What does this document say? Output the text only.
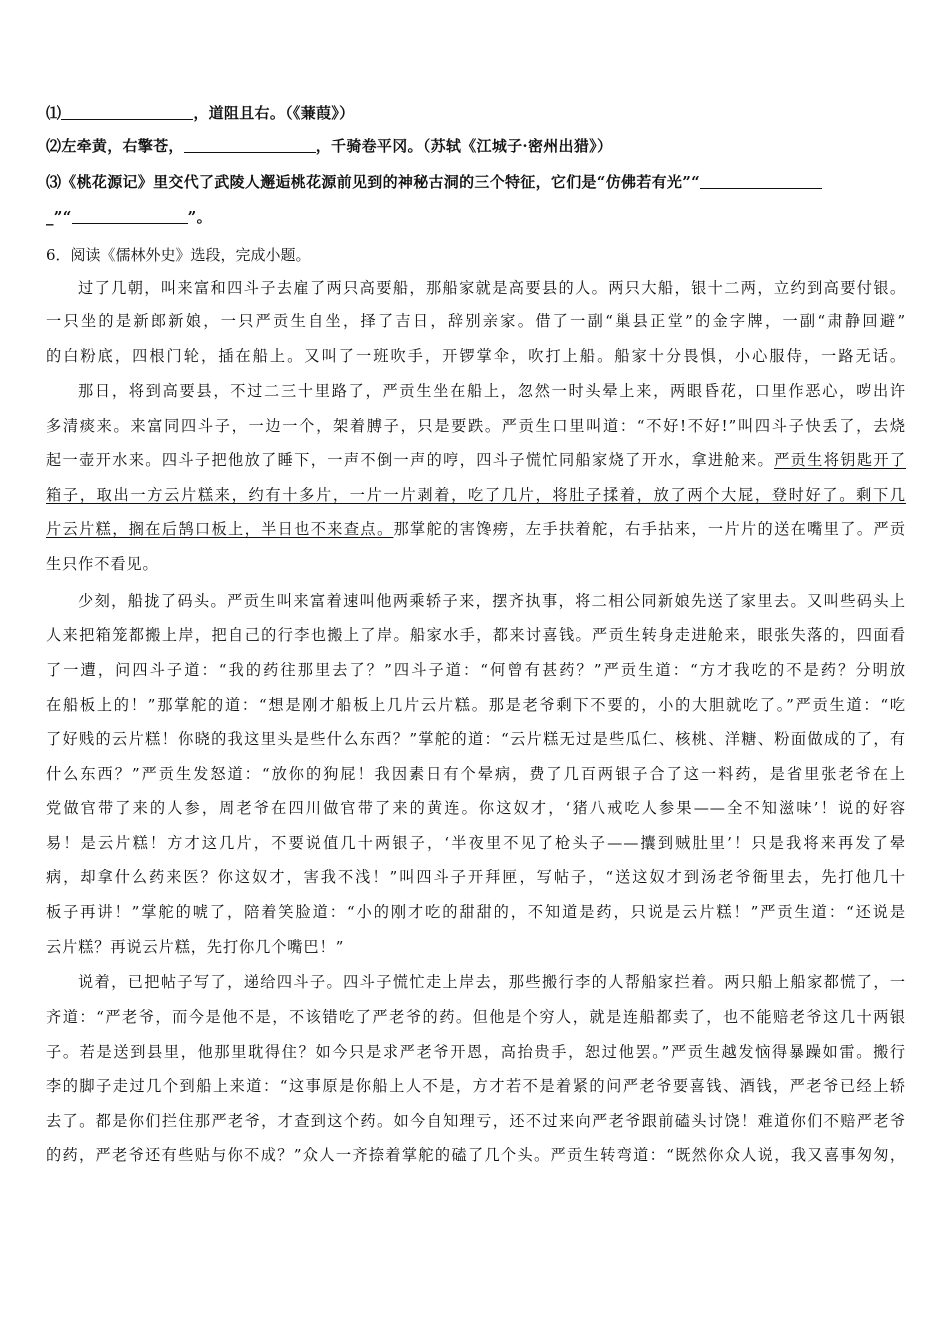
⑴	，道阻且右。（《蒹葭》）
⑵左牵黄，右擎苍，	，千骑卷平冈。（苏轼《江城子·密州出猎》）
⑶《桃花源记》里交代了武陵人邂逅桃花源前见到的神秘古洞的三个特征，它们是“仿佛若有光”“
_”“	”。
6．阅读《儒林外史》选段，完成小题。
过了几朝，叫来富和四斗子去雇了两只高要船，那船家就是高要县的人。两只大船，银十二两，立约到高要付银。
一只坐的是新郎新娘，一只严贡生自坐，择了吉日，辞别亲家。借了一副“巢县正堂”的金字牌，一副“肃静回避”
的白粉底，四根门轮，插在船上。又叫了一班吹手，开锣掌伞，吹打上船。船家十分畏惧，小心服侍，一路无话。
那日，将到高要县，不过二三十里路了，严贡生坐在船上，忽然一时头晕上来，两眼昏花，口里作恶心，哕出许
多清痰来。来富同四斗子，一边一个，架着膊子，只是要跌。严贡生口里叫道：“不好!不好!”叫四斗子快丢了，去烧
起一壶开水来。四斗子把他放了睡下，一声不倒一声的哼，四斗子慌忙同船家烧了开水，拿进舱来。严贡生将钥匙开了
箱子，取出一方云片糕来，约有十多片，一片一片剥着，吃了几片，将肚子揉着，放了两个大屁，登时好了。剩下几
片云片糕，搁在后鹄口板上，半日也不来查点。那掌舵的害馋痨，左手扶着舵，右手拈来，一片片的送在嘴里了。严贡
生只作不看见。
少刻，船拢了码头。严贡生叫来富着速叫他两乘轿子来，摆齐执事，将二相公同新娘先送了家里去。又叫些码头上
人来把箱笼都搬上岸，把自己的行李也搬上了岸。船家水手，都来讨喜钱。严贡生转身走进舱来，眼张失落的，四面看
了一遭，问四斗子道：“我的药往那里去了？”四斗子道：“何曾有甚药？”严贡生道：“方才我吃的不是药？分明放
在船板上的！”那掌舵的道：“想是刚才船板上几片云片糕。那是老爷剩下不要的，小的大胆就吃了。”严贡生道：“吃
了好贱的云片糕！你晓的我这里头是些什么东西？”掌舵的道：“云片糕无过是些瓜仁、核桃、洋糖、粉面做成的了，有
什么东西？”严贡生发怒道：“放你的狗屁！我因素日有个晕病，费了几百两银子合了这一料药，是省里张老爷在上
党做官带了来的人参，周老爷在四川做官带了来的黄连。你这奴才，‘猪八戒吃人参果——全不知滋味’！说的好容
易！是云片糕！方才这几片，不要说值几十两银子，‘半夜里不见了枪头子——攮到贼肚里’！只是我将来再发了晕
病，却拿什么药来医？你这奴才，害我不浅！”叫四斗子开拜匣，写帖子，“送这奴才到汤老爷衙里去，先打他几十
板子再讲！”掌舵的唬了，陪着笑脸道：“小的刚才吃的甜甜的，不知道是药，只说是云片糕！”严贡生道：“还说是
云片糕？再说云片糕，先打你几个嘴巴！”
说着，已把帖子写了，递给四斗子。四斗子慌忙走上岸去，那些搬行李的人帮船家拦着。两只船上船家都慌了，一
齐道：“严老爷，而今是他不是，不该错吃了严老爷的药。但他是个穷人，就是连船都卖了，也不能赔老爷这几十两银
子。若是送到县里，他那里耽得住？如今只是求严老爷开恩，高抬贵手，恕过他罢。”严贡生越发恼得暴躁如雷。搬行
李的脚子走过几个到船上来道：“这事原是你船上人不是，方才若不是着紧的问严老爷要喜钱、酒钱，严老爷已经上轿
去了。都是你们拦住那严老爷，才查到这个药。如今自知理亏，还不过来向严老爷跟前磕头讨饶！难道你们不赔严老爷
的药，严老爷还有些贴与你不成？”众人一齐捺着掌舵的磕了几个头。严贡生转弯道：“既然你众人说，我又喜事匆匆，
